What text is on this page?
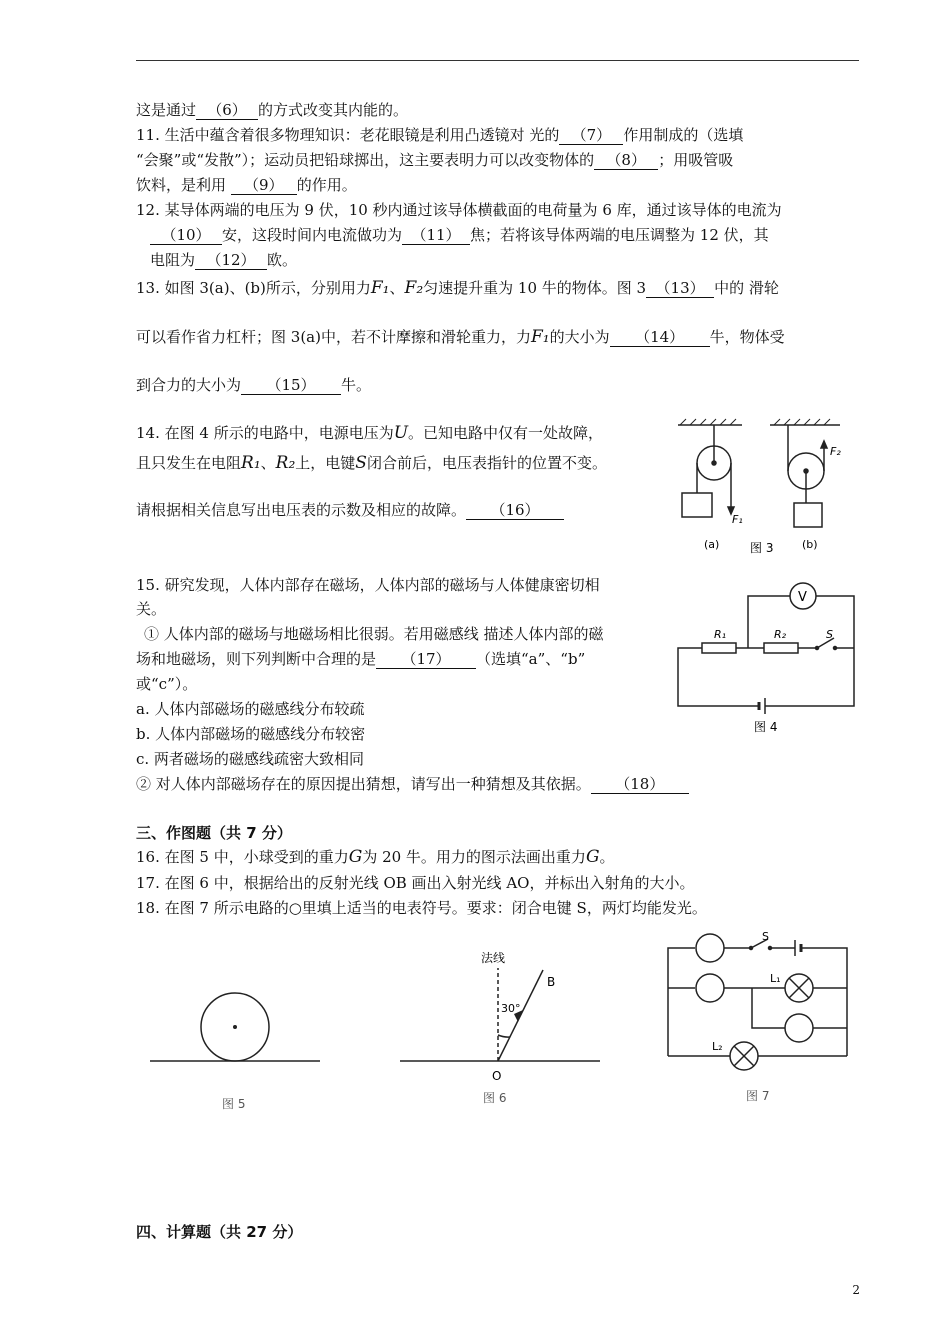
这是通过 （6） 的方式改变其内能的。
11. 生活中蕴含着很多物理知识：老花眼镜是利用凸透镜对 光的 （7） 作用制成的（选填
“会聚”或“发散”）；运动员把铅球掷出，这主要表明力可以改变物体的 （8） ；用吸管吸
饮料，是利用 （9） 的作用。
12. 某导体两端的电压为 9 伏，10 秒内通过该导体横截面的电荷量为 6 库，通过该导体的电流为
（10） 安，这段时间内电流做功为 （11） 焦；若将该导体两端的电压调整为 12 伏，其
电阻为 （12） 欧。
13. 如图 3(a)、(b)所示，分别用力F₁、F₂匀速提升重为 10 牛的物体。图 3 （13） 中的 滑轮
可以看作省力杠杆；图 3(a)中，若不计摩擦和滑轮重力，力F₁的大小为 （14） 牛，物体受
到合力的大小为 （15） 牛。
14. 在图 4 所示的电路中，电源电压为U。已知电路中仅有一处故障，
且只发生在电阻R₁、R₂上，电键S闭合前后，电压表指针的位置不变。
请根据相关信息写出电压表的示数及相应的故障。 （16）
15. 研究发现，人体内部存在磁场，人体内部的磁场与人体健康密切相
关。
① 人体内部的磁场与地磁场相比很弱。若用磁感线 描述人体内部的磁
场和地磁场，则下列判断中合理的是 （17） （选填“a”、“b”
或“c”）。
a. 人体内部磁场的磁感线分布较疏
b. 人体内部磁场的磁感线分布较密
c. 两者磁场的磁感线疏密大致相同
② 对人体内部磁场存在的原因提出猜想，请写出一种猜想及其依据。 （18）
三、作图题（共 7 分）
16. 在图 5 中，小球受到的重力G为 20 牛。用力的图示法画出重力G。
17. 在图 6 中，根据给出的反射光线 OB 画出入射光线 AO，并标出入射角的大小。
18. 在图 7 所示电路的○里填上适当的电表符号。要求：闭合电键 S，两灯均能发光。
F₂
F₁
(a)	图 3	(b)
V
R₁	R₂	S
图 4
图 5
法线
B
30°
O
图 6
S
L₁
L₂
图 7
四、计算题（共 27 分）
2
